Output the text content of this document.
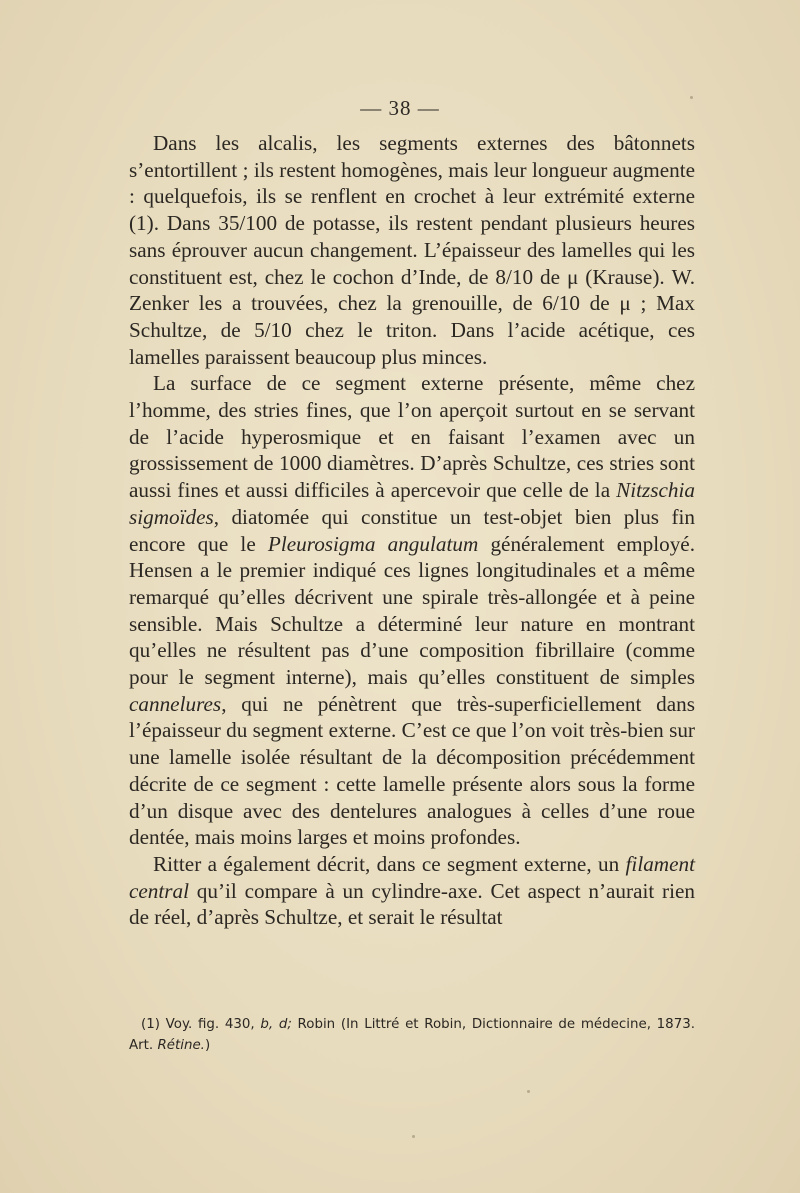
— 38 —

Dans les alcalis, les segments externes des bâtonnets s’entortillent ; ils restent homogènes, mais leur longueur augmente : quelquefois, ils se renflent en crochet à leur extrémité externe (1). Dans 35/100 de potasse, ils restent pendant plusieurs heures sans éprouver aucun changement. L’épaisseur des lamelles qui les constituent est, chez le cochon d’Inde, de 8/10 de μ (Krause). W. Zenker les a trouvées, chez la grenouille, de 6/10 de μ ; Max Schultze, de 5/10 chez le triton. Dans l’acide acétique, ces lamelles paraissent beaucoup plus minces.

La surface de ce segment externe présente, même chez l’homme, des stries fines, que l’on aperçoit surtout en se servant de l’acide hyperosmique et en faisant l’examen avec un grossissement de 1000 diamètres. D’après Schultze, ces stries sont aussi fines et aussi difficiles à apercevoir que celle de la Nitzschia sigmoïdes, diatomée qui constitue un test-objet bien plus fin encore que le Pleurosigma angulatum généralement employé. Hensen a le premier indiqué ces lignes longitudinales et a même remarqué qu’elles décrivent une spirale très-allongée et à peine sensible. Mais Schultze a déterminé leur nature en montrant qu’elles ne résultent pas d’une composition fibrillaire (comme pour le segment interne), mais qu’elles constituent de simples cannelures, qui ne pénètrent que très-superficiellement dans l’épaisseur du segment externe. C’est ce que l’on voit très-bien sur une lamelle isolée résultant de la décomposition précédemment décrite de ce segment : cette lamelle présente alors sous la forme d’un disque avec des dentelures analogues à celles d’une roue dentée, mais moins larges et moins profondes.

Ritter a également décrit, dans ce segment externe, un filament central qu’il compare à un cylindre-axe. Cet aspect n’aurait rien de réel, d’après Schultze, et serait le résultat

(1) Voy. fig. 430, b, d; Robin (In Littré et Robin, Dictionnaire de médecine, 1873. Art. Rétine.)
